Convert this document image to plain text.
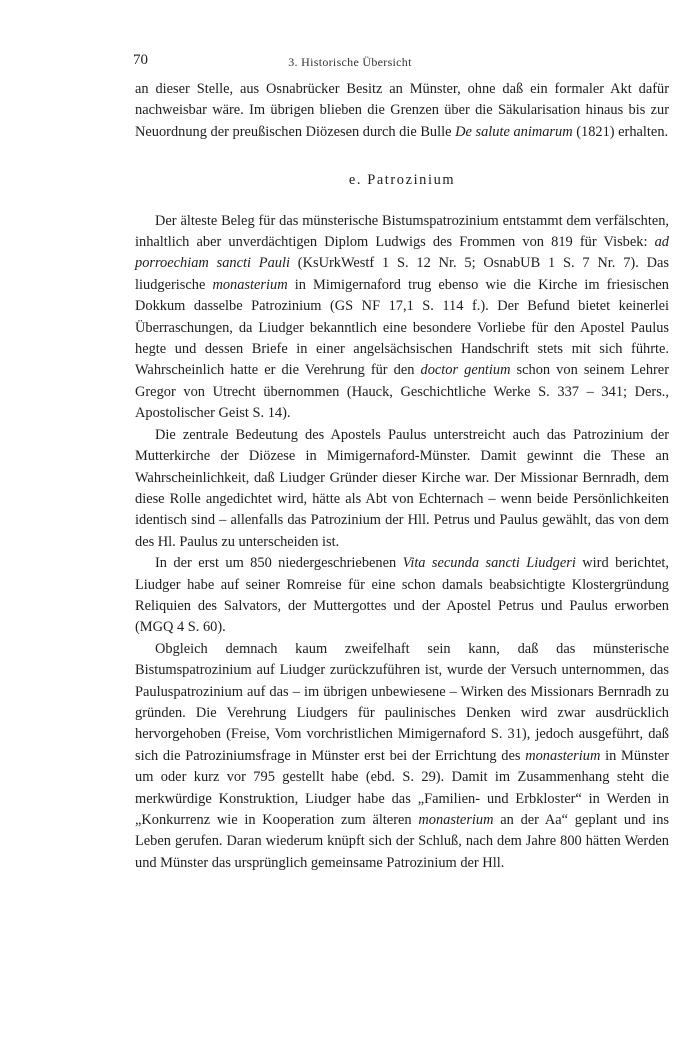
70	3. Historische Übersicht

an dieser Stelle, aus Osnabrücker Besitz an Münster, ohne daß ein formaler Akt dafür nachweisbar wäre. Im übrigen blieben die Grenzen über die Säkularisation hinaus bis zur Neuordnung der preußischen Diözesen durch die Bulle De salute animarum (1821) erhalten.

e. Patrozinium

Der älteste Beleg für das münsterische Bistumspatrozinium entstammt dem verfälschten, inhaltlich aber unverdächtigen Diplom Ludwigs des Frommen von 819 für Visbek: ad porroechiam sancti Pauli (KsUrkWestf 1 S. 12 Nr. 5; OsnabUB 1 S. 7 Nr. 7). Das liudgerische monasterium in Mimigernaford trug ebenso wie die Kirche im friesischen Dokkum dasselbe Patrozinium (GS NF 17,1 S. 114 f.). Der Befund bietet keinerlei Überraschungen, da Liudger bekanntlich eine besondere Vorliebe für den Apostel Paulus hegte und dessen Briefe in einer angelsächsischen Handschrift stets mit sich führte. Wahrscheinlich hatte er die Verehrung für den doctor gentium schon von seinem Lehrer Gregor von Utrecht übernommen (Hauck, Geschichtliche Werke S. 337 – 341; Ders., Apostolischer Geist S. 14).

Die zentrale Bedeutung des Apostels Paulus unterstreicht auch das Patrozinium der Mutterkirche der Diözese in Mimigernaford-Münster. Damit gewinnt die These an Wahrscheinlichkeit, daß Liudger Gründer dieser Kirche war. Der Missionar Bernradh, dem diese Rolle angedichtet wird, hätte als Abt von Echternach – wenn beide Persönlichkeiten identisch sind – allenfalls das Patrozinium der Hll. Petrus und Paulus gewählt, das von dem des Hl. Paulus zu unterscheiden ist.

In der erst um 850 niedergeschriebenen Vita secunda sancti Liudgeri wird berichtet, Liudger habe auf seiner Romreise für eine schon damals beabsichtigte Klostergründung Reliquien des Salvators, der Muttergottes und der Apostel Petrus und Paulus erworben (MGQ 4 S. 60).

Obgleich demnach kaum zweifelhaft sein kann, daß das münsterische Bistumspatrozinium auf Liudger zurückzuführen ist, wurde der Versuch unternommen, das Pauluspatrozinium auf das – im übrigen unbewiesene – Wirken des Missionars Bernradh zu gründen. Die Verehrung Liudgers für paulinisches Denken wird zwar ausdrücklich hervorgehoben (Freise, Vom vorchristlichen Mimigernaford S. 31), jedoch ausgeführt, daß sich die Patroziniumsfrage in Münster erst bei der Errichtung des monasterium in Münster um oder kurz vor 795 gestellt habe (ebd. S. 29). Damit im Zusammenhang steht die merkwürdige Konstruktion, Liudger habe das „Familien- und Erbkloster“ in Werden in „Konkurrenz wie in Kooperation zum älteren monasterium an der Aa“ geplant und ins Leben gerufen. Daran wiederum knüpft sich der Schluß, nach dem Jahre 800 hätten Werden und Münster das ursprünglich gemeinsame Patrozinium der Hll.
